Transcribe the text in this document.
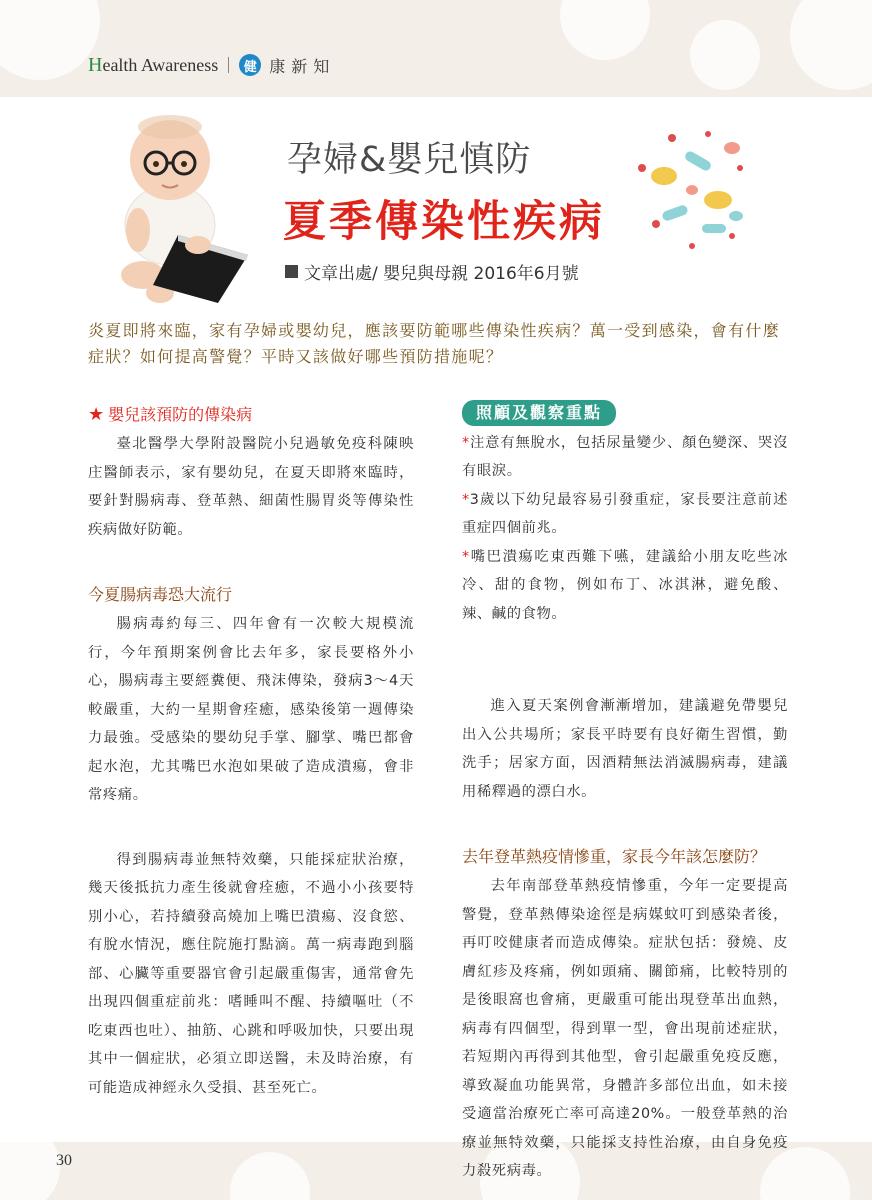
Health Awareness	健 康新知
孕婦&嬰兒慎防
夏季傳染性疾病
文章出處/ 嬰兒與母親 2016年6月號
炎夏即將來臨，家有孕婦或嬰幼兒，應該要防範哪些傳染性疾病？萬一受到感染，會有什麼症狀？如何提高警覺？平時又該做好哪些預防措施呢？
★ 嬰兒該預防的傳染病

臺北醫學大學附設醫院小兒過敏免疫科陳映庄醫師表示，家有嬰幼兒，在夏天即將來臨時，要針對腸病毒、登革熱、細菌性腸胃炎等傳染性疾病做好防範。

今夏腸病毒恐大流行

腸病毒約每三、四年會有一次較大規模流行，今年預期案例會比去年多，家長要格外小心，腸病毒主要經糞便、飛沫傳染，發病3～4天較嚴重，大約一星期會痊癒，感染後第一週傳染力最強。受感染的嬰幼兒手掌、腳掌、嘴巴都會起水泡，尤其嘴巴水泡如果破了造成潰瘍，會非常疼痛。

得到腸病毒並無特效藥，只能採症狀治療，幾天後抵抗力產生後就會痊癒，不過小小孩要特別小心，若持續發高燒加上嘴巴潰瘍、沒食慾、有脫水情況，應住院施打點滴。萬一病毒跑到腦部、心臟等重要器官會引起嚴重傷害，通常會先出現四個重症前兆：嗜睡叫不醒、持續嘔吐（不吃東西也吐）、抽筋、心跳和呼吸加快，只要出現其中一個症狀，必須立即送醫，未及時治療，有可能造成神經永久受損、甚至死亡。

照顧及觀察重點

*注意有無脫水，包括尿量變少、顏色變深、哭沒有眼淚。

*3歲以下幼兒最容易引發重症，家長要注意前述重症四個前兆。

*嘴巴潰瘍吃東西難下嚥，建議給小朋友吃些冰冷、甜的食物，例如布丁、冰淇淋，避免酸、辣、鹹的食物。

進入夏天案例會漸漸增加，建議避免帶嬰兒出入公共場所；家長平時要有良好衛生習慣，勤洗手；居家方面，因酒精無法消滅腸病毒，建議用稀釋過的漂白水。

去年登革熱疫情慘重，家長今年該怎麼防？

去年南部登革熱疫情慘重，今年一定要提高警覺，登革熱傳染途徑是病媒蚊叮到感染者後，再叮咬健康者而造成傳染。症狀包括：發燒、皮膚紅疹及疼痛，例如頭痛、關節痛，比較特別的是後眼窩也會痛，更嚴重可能出現登革出血熱，病毒有四個型，得到單一型，會出現前述症狀，若短期內再得到其他型，會引起嚴重免疫反應，導致凝血功能異常，身體許多部位出血，如未接受適當治療死亡率可高達20%。一般登革熱的治療並無特效藥，只能採支持性治療，由自身免疫力殺死病毒。

30
